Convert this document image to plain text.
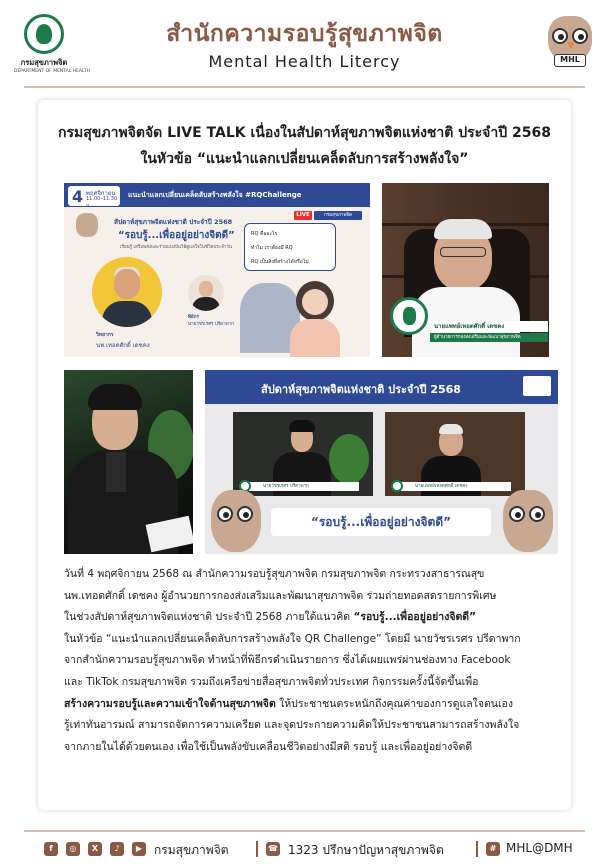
กรมสุขภาพจิต
DEPARTMENT OF MENTAL HEALTH
สำนักความรอบรู้สุขภาพจิต
Mental Health Litercy	MHL
กรมสุขภาพจิตจัด LIVE TALK เนื่องในสัปดาห์สุขภาพจิตแห่งชาติ ประจำปี 2568
ในหัวข้อ “แนะนำแลกเปลี่ยนเคล็ดลับการสร้างพลังใจ”
4 พฤศจิกายน
11.00–11.30 น.
แนะนำแลกเปลี่ยนเคล็ดลับสร้างพลังใจ #RQChallenge
สัปดาห์สุขภาพจิตแห่งชาติ ประจำปี 2568
“รอบรู้...เพื่ออยู่อย่างจิตดี”
เรียนรู้ เสริมพลังและร่วมแบ่งปันวิธีดูแลใจในชีวิตประจำวัน
LIVE	กรมสุขภาพจิต
RQ คืออะไร
ทำไม เราต้องมี RQ
RQ เป็นสิ่งที่สร้างได้หรือไม่
วิทยากร
นพ.เทอดศักดิ์ เดชคง
พิธีกร
นายวัชรเรศร ปรีดาพาก	นายแพทย์เทอดศักดิ์ เดชคง
ผู้อำนวยการกองส่งเสริมและพัฒนาสุขภาพจิต
สัปดาห์สุขภาพจิตแห่งชาติ ประจำปี 2568
นายวัชรเรศร ปรีดาพาก	นายแพทย์เทอดศักดิ์ เดชคง
“รอบรู้...เพื่ออยู่อย่างจิตดี”
วันที่ 4 พฤศจิกายน 2568 ณ สำนักความรอบรู้สุขภาพจิต กรมสุขภาพจิต กระทรวงสาธารณสุข
นพ.เทอดศักดิ์ เดชคง ผู้อำนวยการกองส่งเสริมและพัฒนาสุขภาพจิต ร่วมถ่ายทอดสดรายการพิเศษ
ในช่วงสัปดาห์สุขภาพจิตแห่งชาติ ประจำปี 2568 ภายใต้แนวคิด “รอบรู้...เพื่ออยู่อย่างจิตดี”
ในหัวข้อ “แนะนำแลกเปลี่ยนเคล็ดลับการสร้างพลังใจ QR Challenge” โดยมี นายวัชรเรศร ปรีดาพาก
จากสำนักความรอบรู้สุขภาพจิต ทำหน้าที่พิธีกรดำเนินรายการ ซึ่งได้เผยแพร่ผ่านช่องทาง Facebook
และ TikTok กรมสุขภาพจิต รวมถึงเครือข่ายสื่อสุขภาพจิตทั่วประเทศ กิจกรรมครั้งนี้จัดขึ้นเพื่อ
สร้างความรอบรู้และความเข้าใจด้านสุขภาพจิต ให้ประชาชนตระหนักถึงคุณค่าของการดูแลใจตนเอง
รู้เท่าทันอารมณ์ สามารถจัดการความเครียด และจุดประกายความคิดให้ประชาชนสามารถสร้างพลังใจ
จากภายในได้ด้วยตนเอง เพื่อใช้เป็นพลังขับเคลื่อนชีวิตอย่างมีสติ รอบรู้ และเพื่ออยู่อย่างจิตดี
f	◎	X	♪	▶ กรมสุขภาพจิต	☎ 1323 ปรึกษาปัญหาสุขภาพจิต	# MHL@DMH
